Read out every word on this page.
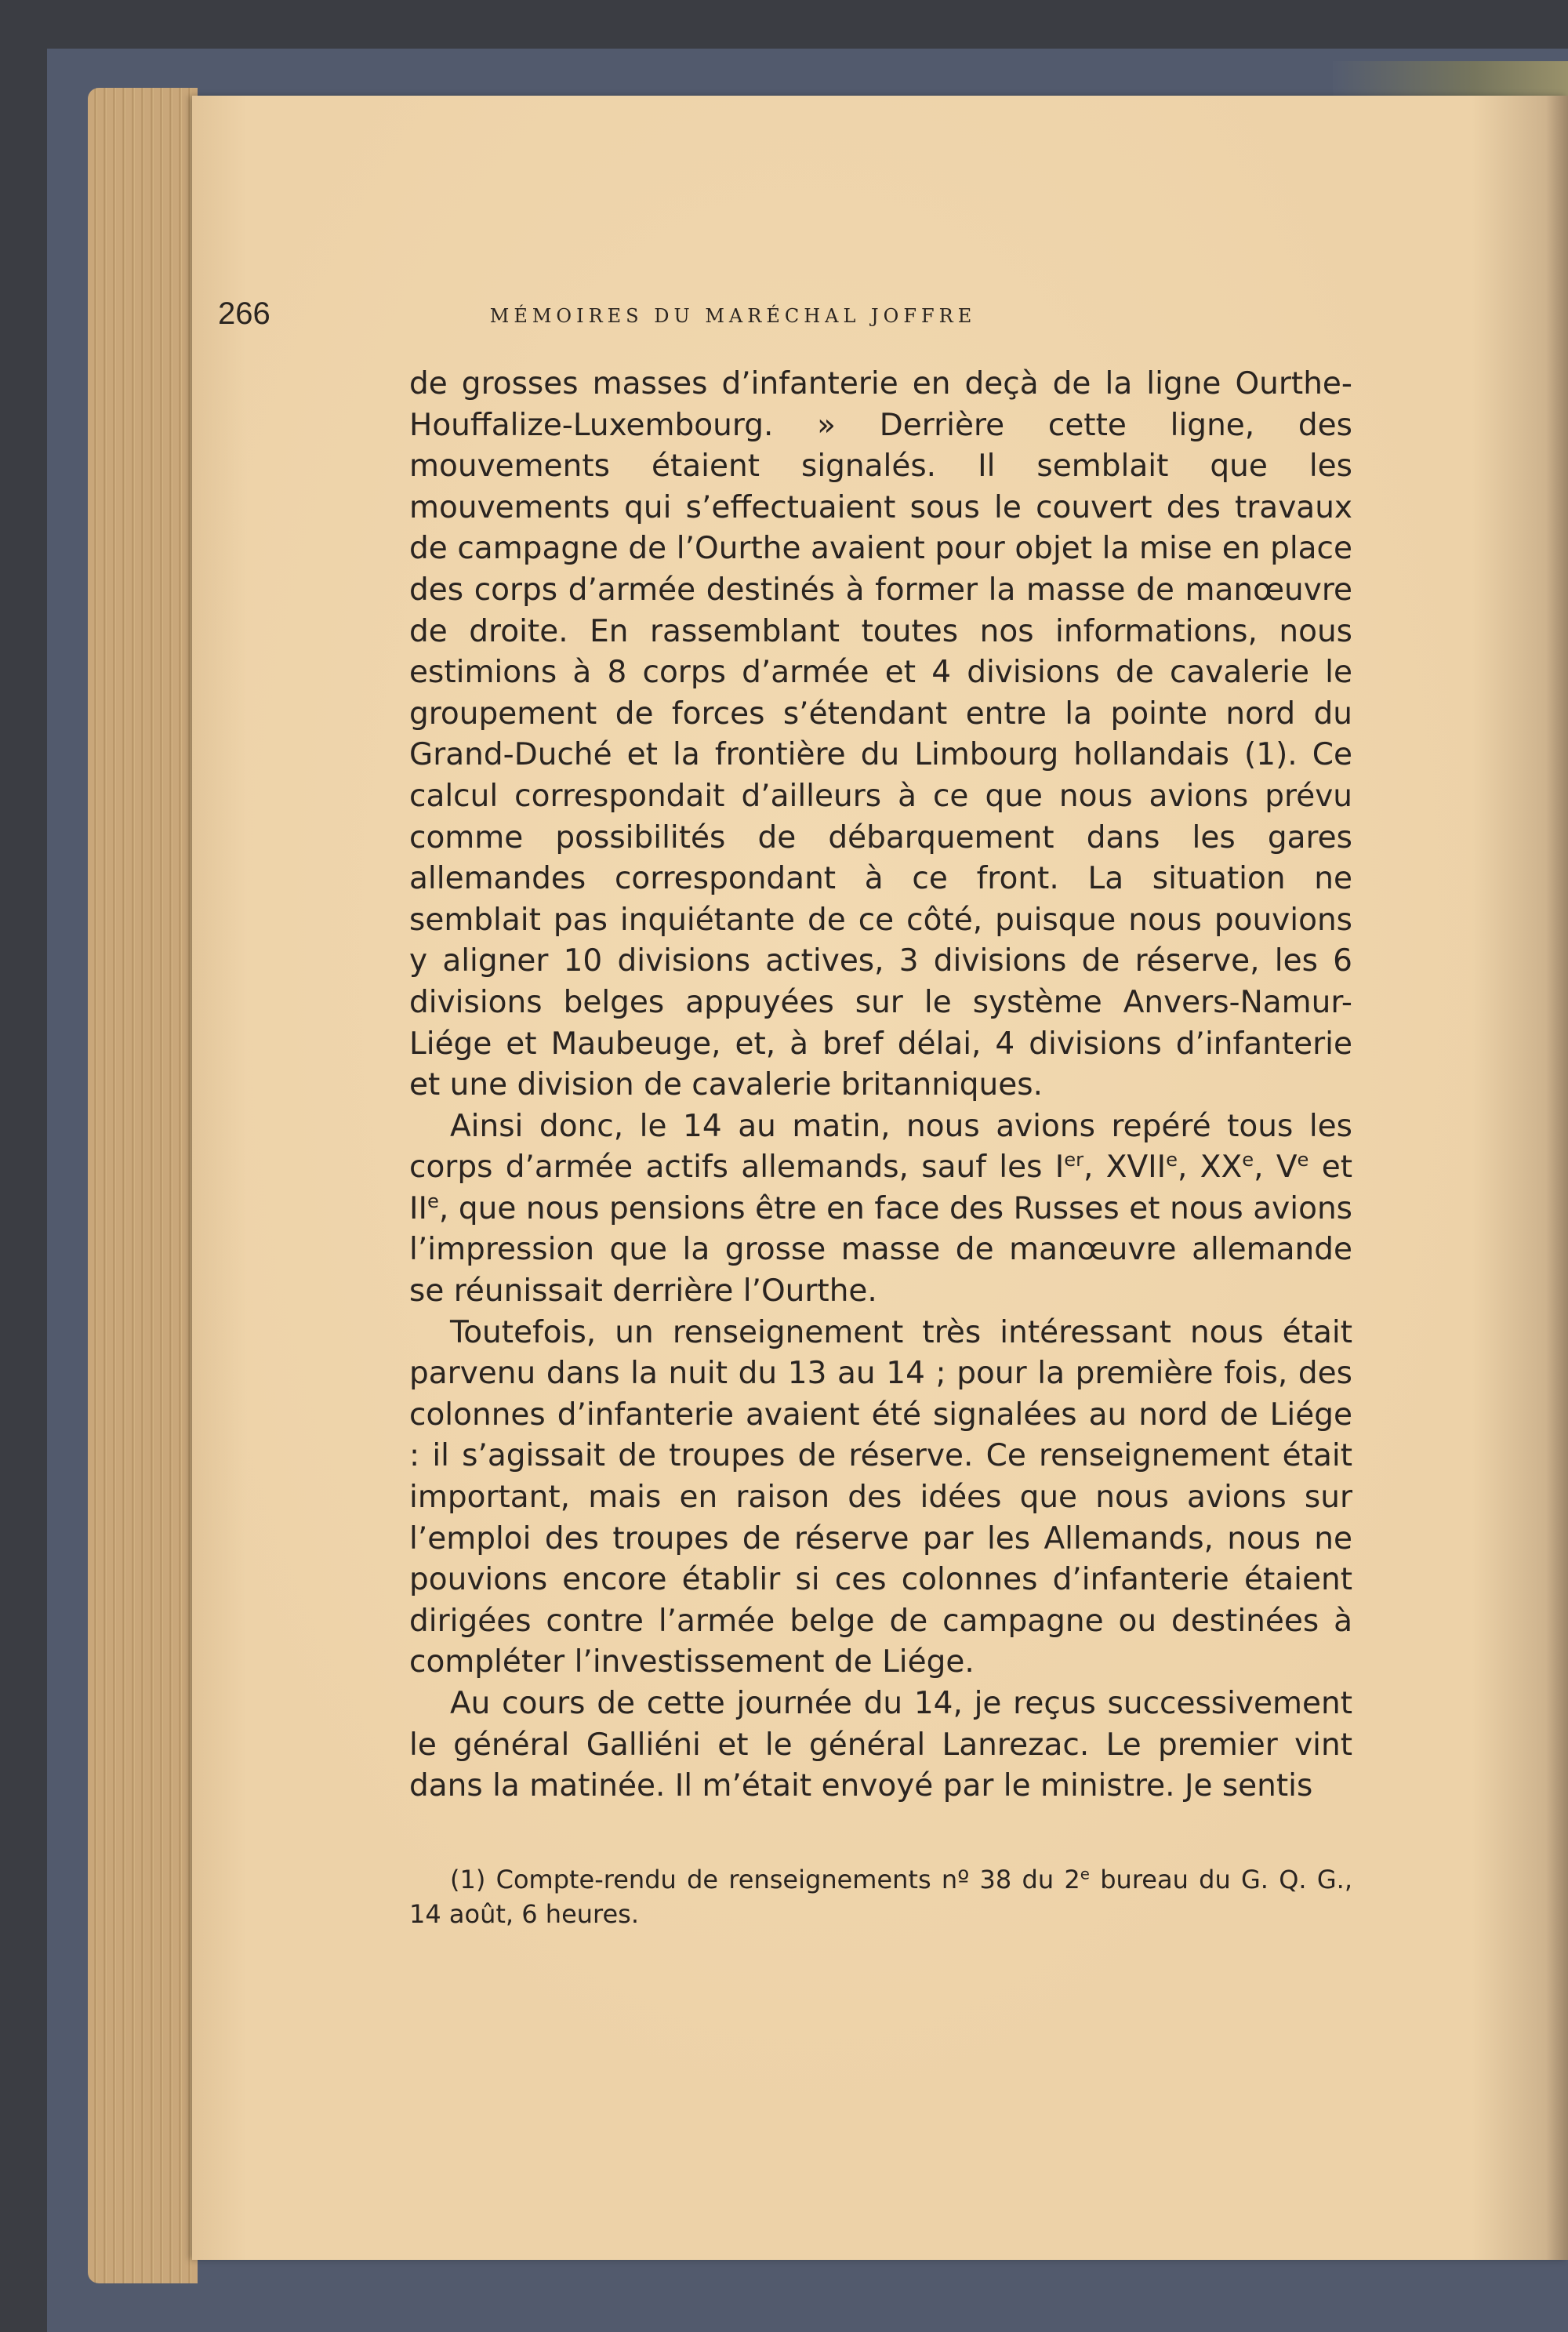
266	MÉMOIRES DU MARÉCHAL JOFFRE

de grosses masses d’infanterie en deçà de la ligne Ourthe-Houffalize-Luxembourg. » Derrière cette ligne, des mouvements étaient signalés. Il semblait que les mouvements qui s’effectuaient sous le couvert des travaux de campagne de l’Ourthe avaient pour objet la mise en place des corps d’armée destinés à former la masse de manœuvre de droite. En rassemblant toutes nos informations, nous estimions à 8 corps d’armée et 4 divisions de cavalerie le groupement de forces s’étendant entre la pointe nord du Grand-Duché et la frontière du Limbourg hollandais (1). Ce calcul correspondait d’ailleurs à ce que nous avions prévu comme possibilités de débarquement dans les gares allemandes correspondant à ce front. La situation ne semblait pas inquiétante de ce côté, puisque nous pouvions y aligner 10 divisions actives, 3 divisions de réserve, les 6 divisions belges appuyées sur le système Anvers-Namur-Liége et Maubeuge, et, à bref délai, 4 divisions d’infanterie et une division de cavalerie britanniques.

Ainsi donc, le 14 au matin, nous avions repéré tous les corps d’armée actifs allemands, sauf les Ier, XVIIe, XXe, Ve et IIe, que nous pensions être en face des Russes et nous avions l’impression que la grosse masse de manœuvre allemande se réunissait derrière l’Ourthe.

Toutefois, un renseignement très intéressant nous était parvenu dans la nuit du 13 au 14 ; pour la première fois, des colonnes d’infanterie avaient été signalées au nord de Liége : il s’agissait de troupes de réserve. Ce renseignement était important, mais en raison des idées que nous avions sur l’emploi des troupes de réserve par les Allemands, nous ne pouvions encore établir si ces colonnes d’infanterie étaient dirigées contre l’armée belge de campagne ou destinées à compléter l’investissement de Liége.

Au cours de cette journée du 14, je reçus successivement le général Galliéni et le général Lanrezac. Le premier vint dans la matinée. Il m’était envoyé par le ministre. Je sentis

(1) Compte-rendu de renseignements nº 38 du 2e bureau du G. Q. G., 14 août, 6 heures.
